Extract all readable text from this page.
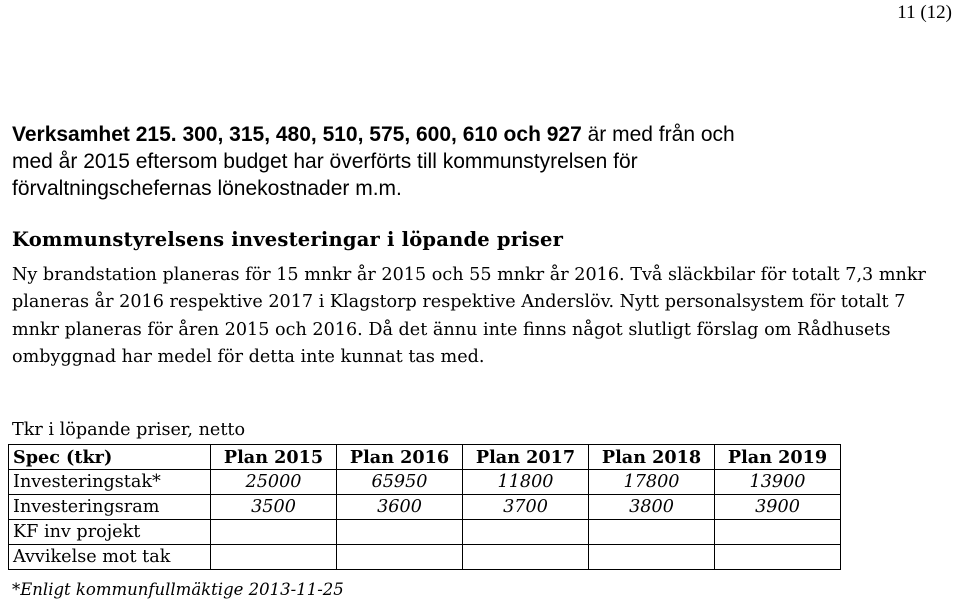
11 (12)
Verksamhet 215. 300, 315, 480, 510, 575, 600, 610 och 927 är med från och
med år 2015 eftersom budget har överförts till kommunstyrelsen för
förvaltningschefernas lönekostnader m.m.
Kommunstyrelsens investeringar i löpande priser
Ny brandstation planeras för 15 mnkr år 2015 och 55 mnkr år 2016. Två släckbilar för totalt 7,3 mnkr planeras år 2016 respektive 2017 i Klagstorp respektive Anderslöv. Nytt personalsystem för totalt 7 mnkr planeras för åren 2015 och 2016. Då det ännu inte finns något slutligt förslag om Rådhusets ombyggnad har medel för detta inte kunnat tas med.
Tkr i löpande priser, netto
Spec (tkr)	Plan 2015	Plan 2016	Plan 2017	Plan 2018	Plan 2019
Investeringstak*	25000	65950	11800	17800	13900
Investeringsram	3500	3600	3700	3800	3900
KF inv projekt					
Avvikelse mot tak					
*Enligt kommunfullmäktige 2013-11-25
